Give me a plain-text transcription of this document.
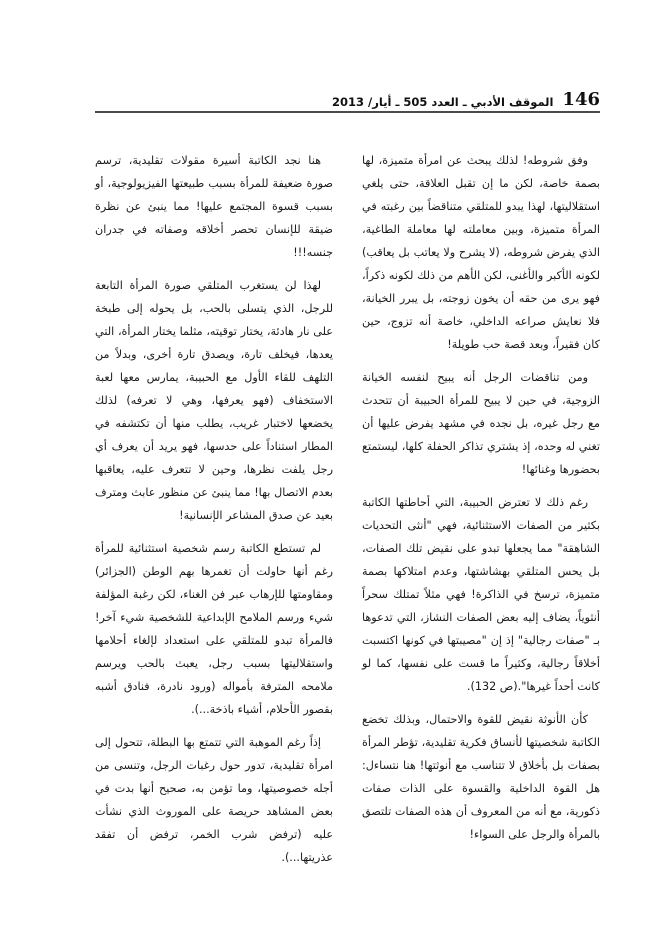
146
الموقف الأدبي ـ العدد 505 ـ أيار/ 2013

وفق شروطه! لذلك يبحث عن امرأة متميزة، لها بصمة خاصة، لكن ما إن تقبل العلاقة، حتى يلغي استقلاليتها، لهذا يبدو للمتلقي متناقضاً بين رغبته في المرأة متميزة، وبين معاملته لها معاملة الطاغية، الذي يفرض شروطه، (لا يشرح ولا يعاتب بل يعاقب) لكونه الأكبر والأغنى، لكن الأهم من ذلك لكونه ذكراً، فهو يرى من حقه أن يخون زوجته، بل يبرر الخيانة، فلا نعايش صراعه الداخلي، خاصة أنه تزوج، حين كان فقيراً، وبعد قصة حب طويلة!

ومن تناقضات الرجل أنه يبيح لنفسه الخيانة الزوجية، في حين لا يبيح للمرأة الحبيبة أن تتحدث مع رجل غيره، بل نجده في مشهد يفرض عليها أن تغني له وحده، إذ يشتري تذاكر الحفلة كلها، ليستمتع بحضورها وغنائها!

رغم ذلك لا تعترض الحبيبة، التي أحاطتها الكاتبة بكثير من الصفات الاستثنائية، فهي "أنثى التحديات الشاهقة" مما يجعلها تبدو على نقيض تلك الصفات، بل يحس المتلقي بهشاشتها، وعدم امتلاكها بصمة متميزة، ترسخ في الذاكرة! فهي مثلاً تمتلك سحراً أنثوياً، يضاف إليه بعض الصفات النشاز، التي تدعوها بـ "صفات رجالية" إذ إن "مصيبتها في كونها اكتسبت أخلاقاً رجالية، وكثيراً ما قست على نفسها، كما لو كانت أحداً غيرها".(ص 132).

كأن الأنوثة نقيض للقوة والاحتمال، وبذلك تخضع الكاتبة شخصيتها لأنساق فكرية تقليدية، تؤطر المرأة بصفات بل بأخلاق لا تتناسب مع أنوثتها! هنا نتساءل: هل القوة الداخلية والقسوة على الذات صفات ذكورية، مع أنه من المعروف أن هذه الصفات تلتصق بالمرأة والرجل على السواء!

هنا نجد الكاتبة أسيرة مقولات تقليدية، ترسم صورة ضعيفة للمرأة بسبب طبيعتها الفيزيولوجية، أو بسبب قسوة المجتمع عليها! مما ينبئ عن نظرة ضيقة للإنسان تحصر أخلاقه وصفاته في جدران جنسه!!!

لهذا لن يستغرب المتلقي صورة المرأة التابعة للرجل، الذي يتسلى بالحب، بل يحوله إلى طبخة على نار هادئة، يختار توقيته، مثلما يختار المرأة، التي يعدها، فيخلف تارة، ويصدق تارة أخرى، وبدلاً من التلهف للقاء الأول مع الحبيبة، يمارس معها لعبة الاستخفاف (فهو يعرفها، وهي لا تعرفه) لذلك يخضعها لاختبار غريب، يطلب منها أن تكتشفه في المطار استناداً على حدسها، فهو يريد أن يعرف أي رجل يلفت نظرها، وحين لا تتعرف عليه، يعاقبها بعدم الاتصال بها! مما ينبئ عن منظور عابث ومترف بعيد عن صدق المشاعر الإنسانية!

لم تستطع الكاتبة رسم شخصية استثنائية للمرأة رغم أنها حاولت أن تغمرها بهم الوطن (الجزائر) ومقاومتها للإرهاب عبر فن الغناء، لكن رغبة المؤلفة شيء ورسم الملامح الإبداعية للشخصية شيء آخر! فالمرأة تبدو للمتلقي على استعداد لإلغاء أحلامها واستقلاليتها بسبب رجل، يعبث بالحب ويرسم ملامحه المترفة بأمواله (ورود نادرة، فنادق أشبه بقصور الأحلام، أشياء باذخة...).

إذاً رغم الموهبة التي تتمتع بها البطلة، تتحول إلى امرأة تقليدية، تدور حول رغبات الرجل، وتنسى من أجله خصوصيتها، وما تؤمن به، صحيح أنها بدت في بعض المشاهد حريصة على الموروث الذي نشأت عليه (ترفض شرب الخمر، ترفض أن تفقد عذريتها...).
